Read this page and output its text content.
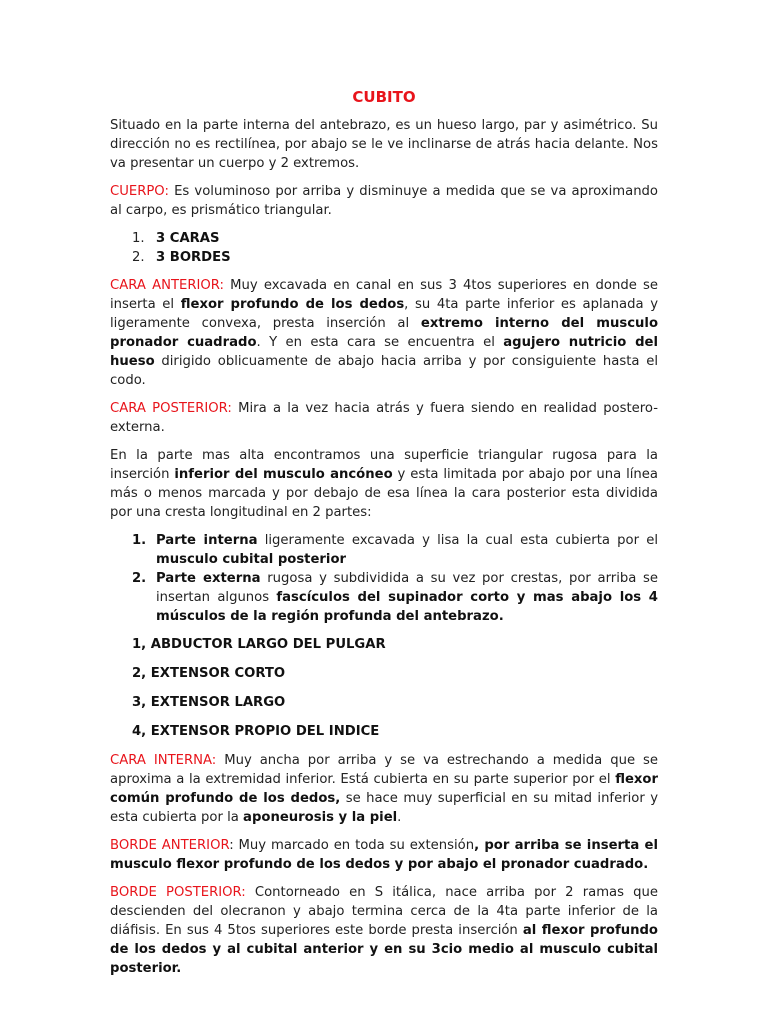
CUBITO

Situado en la parte interna del antebrazo, es un hueso largo, par y asimétrico. Su dirección no es rectilínea, por abajo se le ve inclinarse de atrás hacia delante. Nos va presentar un cuerpo y 2 extremos.

CUERPO: Es voluminoso por arriba y disminuye a medida que se va aproximando al carpo, es prismático triangular.

1. 3 CARAS
2. 3 BORDES

CARA ANTERIOR: Muy excavada en canal en sus 3 4tos superiores en donde se inserta el flexor profundo de los dedos, su 4ta parte inferior es aplanada y ligeramente convexa, presta inserción al extremo interno del musculo pronador cuadrado. Y en esta cara se encuentra el agujero nutricio del hueso dirigido oblicuamente de abajo hacia arriba y por consiguiente hasta el codo.

CARA POSTERIOR: Mira a la vez hacia atrás y fuera siendo en realidad postero-externa.

En la parte mas alta encontramos una superficie triangular rugosa para la inserción inferior del musculo ancóneo y esta limitada por abajo por una línea más o menos marcada y por debajo de esa línea la cara posterior esta dividida por una cresta longitudinal en 2 partes:

1. Parte interna ligeramente excavada y lisa la cual esta cubierta por el musculo cubital posterior
2. Parte externa rugosa y subdividida a su vez por crestas, por arriba se insertan algunos fascículos del supinador corto y mas abajo los 4 músculos de la región profunda del antebrazo.
1, ABDUCTOR LARGO DEL PULGAR
2, EXTENSOR CORTO
3, EXTENSOR LARGO
4, EXTENSOR PROPIO DEL INDICE

CARA INTERNA: Muy ancha por arriba y se va estrechando a medida que se aproxima a la extremidad inferior. Está cubierta en su parte superior por el flexor común profundo de los dedos, se hace muy superficial en su mitad inferior y esta cubierta por la aponeurosis y la piel.

BORDE ANTERIOR: Muy marcado en toda su extensión, por arriba se inserta el musculo flexor profundo de los dedos y por abajo el pronador cuadrado.

BORDE POSTERIOR: Contorneado en S itálica, nace arriba por 2 ramas que descienden del olecranon y abajo termina cerca de la 4ta parte inferior de la diáfisis. En sus 4 5tos superiores este borde presta inserción al flexor profundo de los dedos y al cubital anterior y en su 3cio medio al musculo cubital posterior.
